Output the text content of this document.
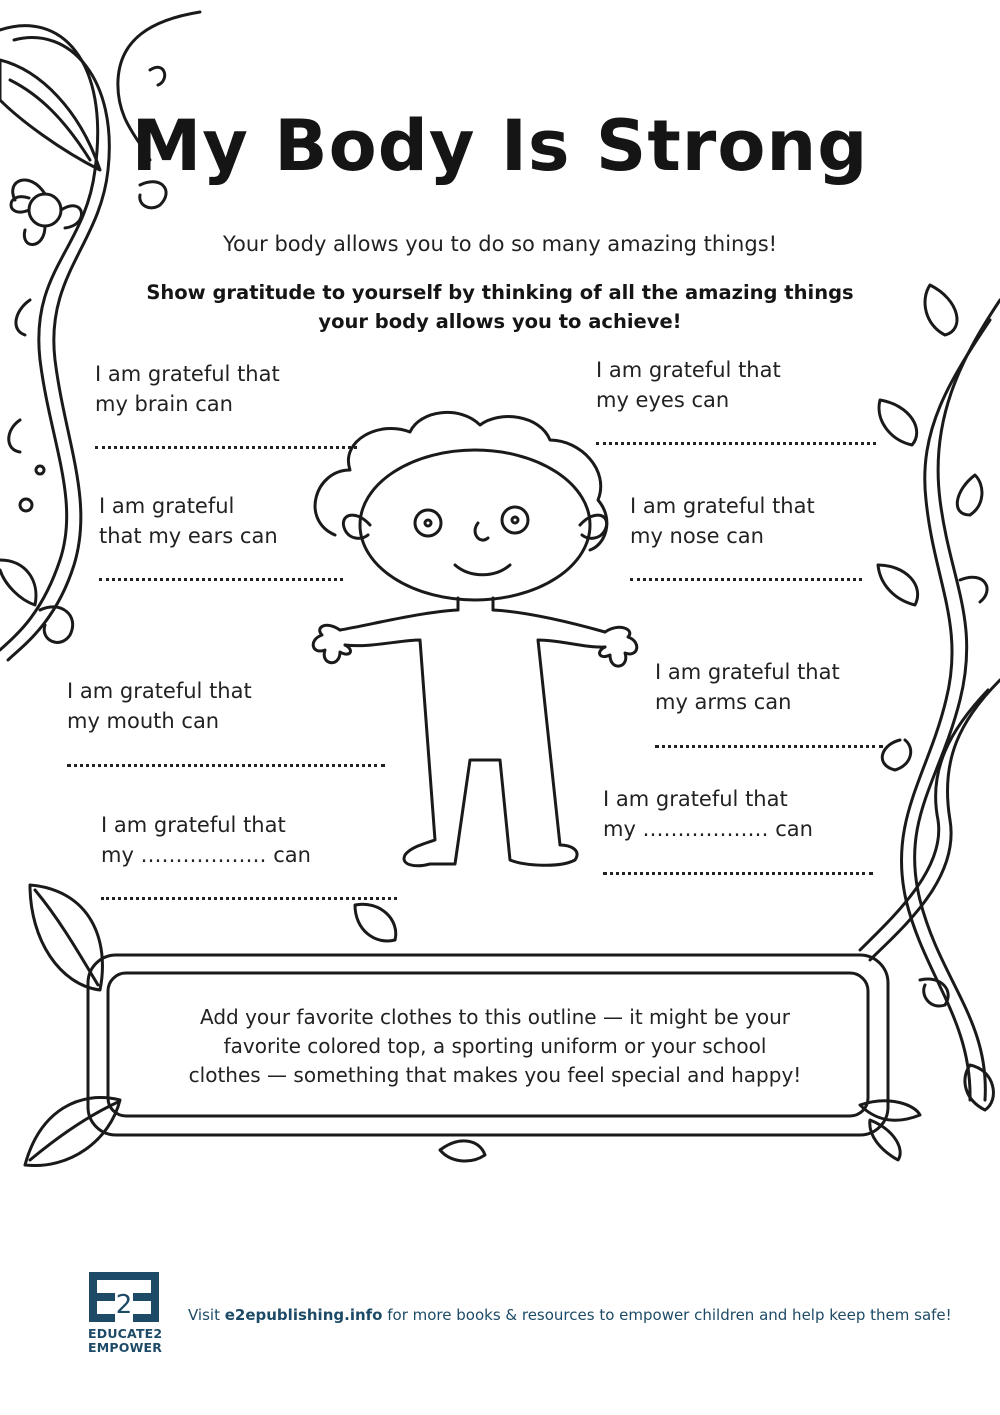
2
My Body Is Strong
Your body allows you to do so many amazing things!
Show gratitude to yourself by thinking of all the amazing things
your body allows you to achieve!
I am grateful that
my brain can
I am grateful that
my eyes can
I am grateful
that my ears can
I am grateful that
my nose can
I am grateful that
my mouth can
I am grateful that
my arms can
I am grateful that
my ……………… can
I am grateful that
my ……………… can
Add your favorite clothes to this outline — it might be your
favorite colored top, a sporting uniform or your school
clothes — something that makes you feel special and happy!
EDUCATE2
EMPOWER
Visit e2epublishing.info for more books & resources to empower children and help keep them safe!
